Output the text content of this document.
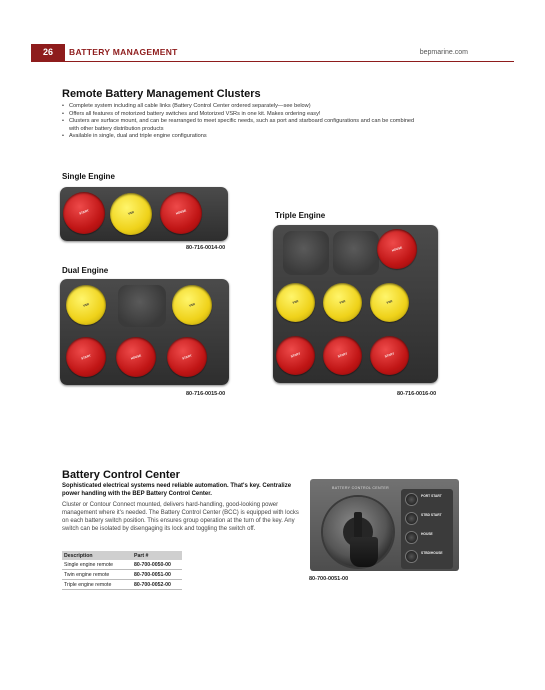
26	BATTERY MANAGEMENT	bepmarine.com
Remote Battery Management Clusters
• Complete system including all cable links (Battery Control Center ordered separately—see below)
• Offers all features of motorized battery switches and Motorized VSRs in one kit. Makes ordering easy!
• Clusters are surface mount, and can be rearranged to meet specific needs, such as port and starboard configurations and can be combined with other battery distribution products
• Available in single, dual and triple engine configurations
Single Engine
START	VSR	HOUSE
80-716-0014-00
Dual Engine
VSR	VSR
START	HOUSE	START
80-716-0015-00
Triple Engine
HOUSE
VSR	VSR	VSR
START	START	START
80-716-0016-00
Battery Control Center
Sophisticated electrical systems need reliable automation. That's key. Centralize power handling with the BEP Battery Control Center.
Cluster or Contour Connect mounted, delivers hard-handling, good-looking power management where it's needed. The Battery Control Center (BCC) is equipped with locks on each battery switch position. This ensures group operation at the turn of the key. Any switch can be isolated by disengaging its lock and toggling the switch off.
Description	Part #
Single engine remote	80-700-0050-00
Twin engine remote	80-700-0051-00
Triple engine remote	80-700-0052-00
BATTERY CONTROL CENTER
PORT START
STBD START
HOUSE
STBD/HOUSE
80-700-0051-00
